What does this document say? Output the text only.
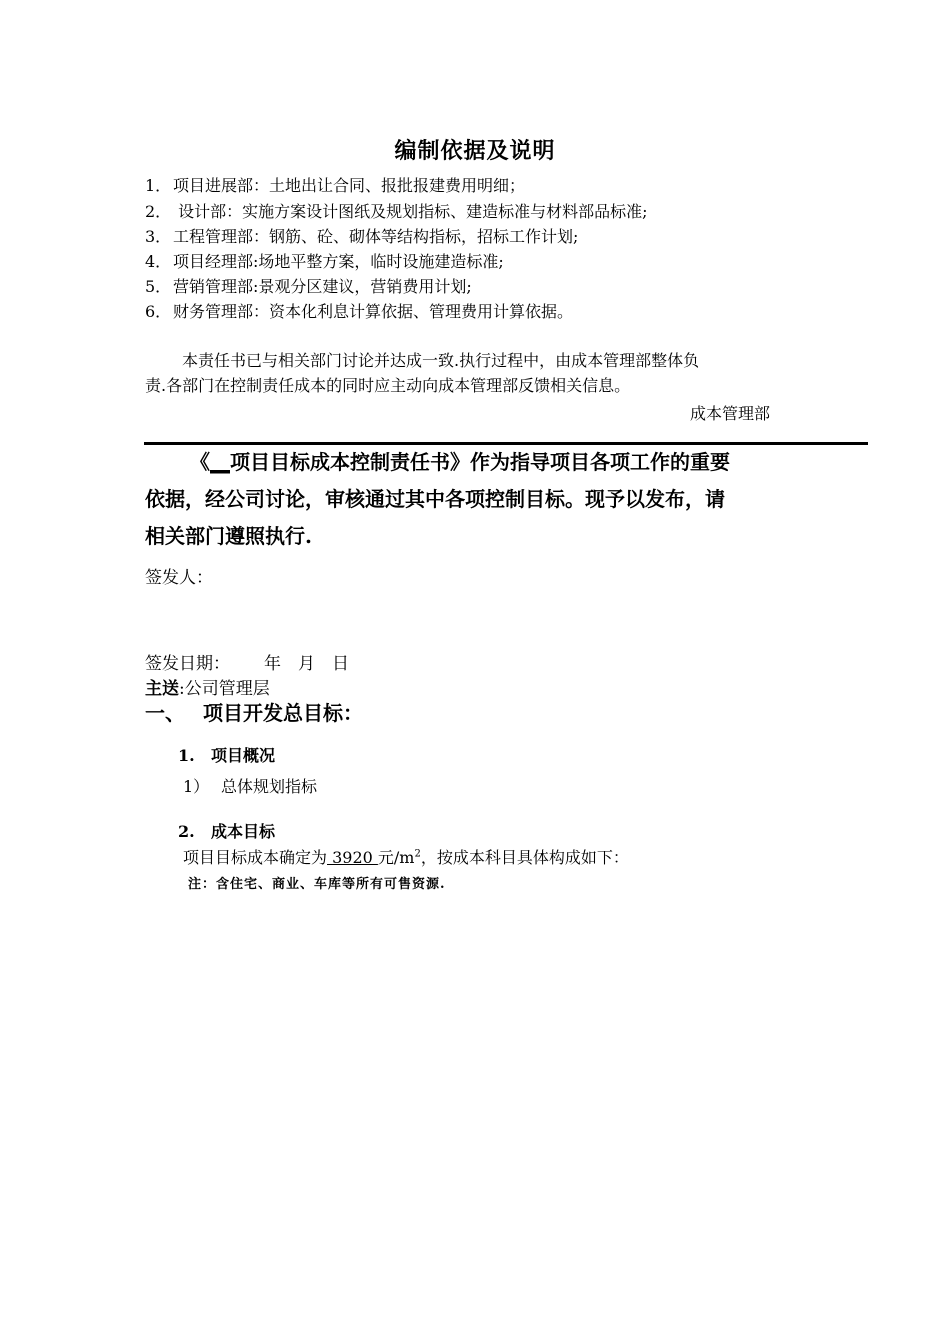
编制依据及说明
1． 项目进展部：土地出让合同、报批报建费用明细；
2． 设计部：实施方案设计图纸及规划指标、建造标准与材料部品标准;
3． 工程管理部：钢筋、砼、砌体等结构指标，招标工作计划;
4． 项目经理部:场地平整方案，临时设施建造标准;
5． 营销管理部:景观分区建议，营销费用计划;
6． 财务管理部：资本化利息计算依据、管理费用计算依据。
本责任书已与相关部门讨论并达成一致.执行过程中，由成本管理部整体负
责.各部门在控制责任成本的同时应主动向成本管理部反馈相关信息。
成本管理部
《__项目目标成本控制责任书》作为指导项目各项工作的重要
依据，经公司讨论，审核通过其中各项控制目标。现予以发布，请
相关部门遵照执行.
签发人：
签发日期： 年　月　日
主送:公司管理层
一、 项目开发总目标：
1. 项目概况
1） 总体规划指标
2. 成本目标
项目目标成本确定为 3920 元$/m^2$，按成本科目具体构成如下：
注：含住宅、商业、车库等所有可售资源.
